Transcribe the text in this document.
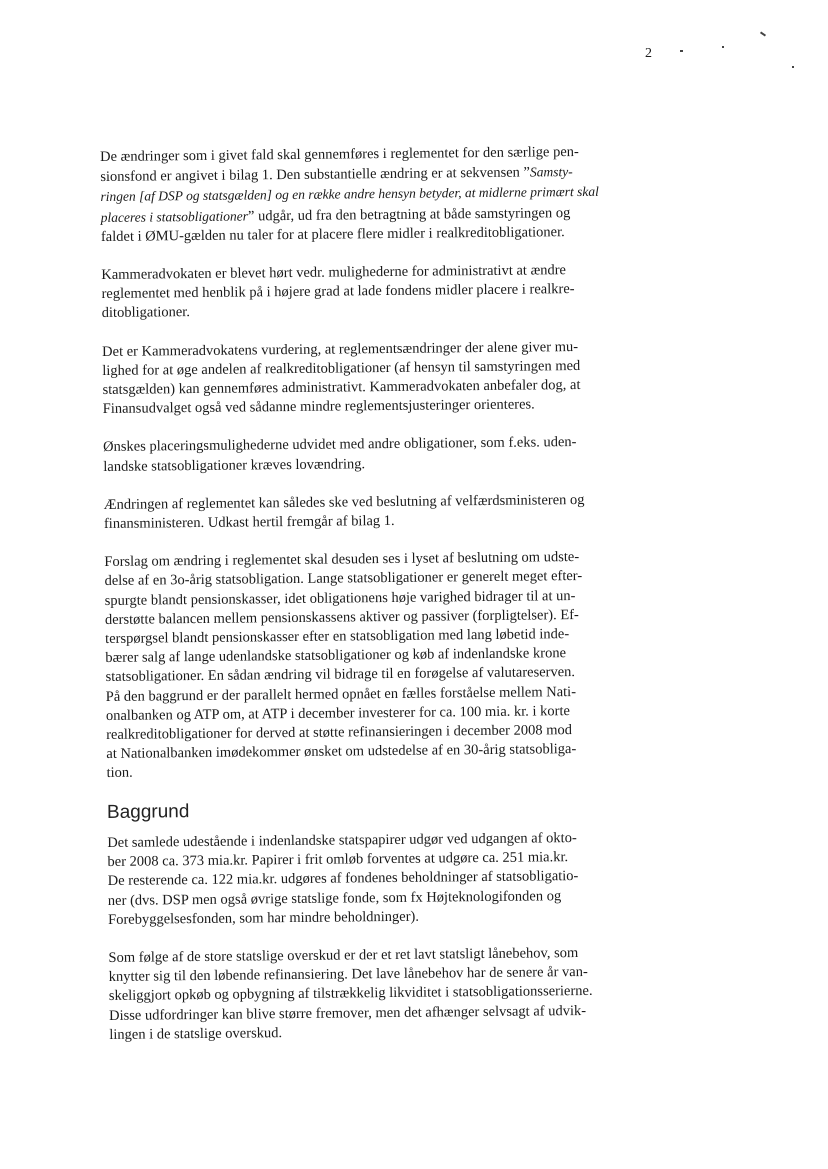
2

De ændringer som i givet fald skal gennemføres i reglementet for den særlige pen-
sionsfond er angivet i bilag 1. Den substantielle ændring er at sekvensen ”Samsty-
ringen [af DSP og statsgælden] og en række andre hensyn betyder, at midlerne primært skal
placeres i statsobligationer” udgår, ud fra den betragtning at både samstyringen og
faldet i ØMU-gælden nu taler for at placere flere midler i realkreditobligationer.

Kammeradvokaten er blevet hørt vedr. mulighederne for administrativt at ændre
reglementet med henblik på i højere grad at lade fondens midler placere i realkre-
ditobligationer.

Det er Kammeradvokatens vurdering, at reglementsændringer der alene giver mu-
lighed for at øge andelen af realkreditobligationer (af hensyn til samstyringen med
statsgælden) kan gennemføres administrativt. Kammeradvokaten anbefaler dog, at
Finansudvalget også ved sådanne mindre reglementsjusteringer orienteres.

Ønskes placeringsmulighederne udvidet med andre obligationer, som f.eks. uden-
landske statsobligationer kræves lovændring.

Ændringen af reglementet kan således ske ved beslutning af velfærdsministeren og
finansministeren. Udkast hertil fremgår af bilag 1.

Forslag om ændring i reglementet skal desuden ses i lyset af beslutning om udste-
delse af en 3o-årig statsobligation. Lange statsobligationer er generelt meget efter-
spurgte blandt pensionskasser, idet obligationens høje varighed bidrager til at un-
derstøtte balancen mellem pensionskassens aktiver og passiver (forpligtelser). Ef-
terspørgsel blandt pensionskasser efter en statsobligation med lang løbetid inde-
bærer salg af lange udenlandske statsobligationer og køb af indenlandske krone
statsobligationer. En sådan ændring vil bidrage til en forøgelse af valutareserven.
På den baggrund er der parallelt hermed opnået en fælles forståelse mellem Nati-
onalbanken og ATP om, at ATP i december investerer for ca. 100 mia. kr. i korte
realkreditobligationer for derved at støtte refinansieringen i december 2008 mod
at Nationalbanken imødekommer ønsket om udstedelse af en 30-årig statsobliga-
tion.

Baggrund

Det samlede udestående i indenlandske statspapirer udgør ved udgangen af okto-
ber 2008 ca. 373 mia.kr. Papirer i frit omløb forventes at udgøre ca. 251 mia.kr.
De resterende ca. 122 mia.kr. udgøres af fondenes beholdninger af statsobligatio-
ner (dvs. DSP men også øvrige statslige fonde, som fx Højteknologifonden og
Forebyggelsesfonden, som har mindre beholdninger).

Som følge af de store statslige overskud er der et ret lavt statsligt lånebehov, som
knytter sig til den løbende refinansiering. Det lave lånebehov har de senere år van-
skeliggjort opkøb og opbygning af tilstrækkelig likviditet i statsobligationsserierne.
Disse udfordringer kan blive større fremover, men det afhænger selvsagt af udvik-
lingen i de statslige overskud.
